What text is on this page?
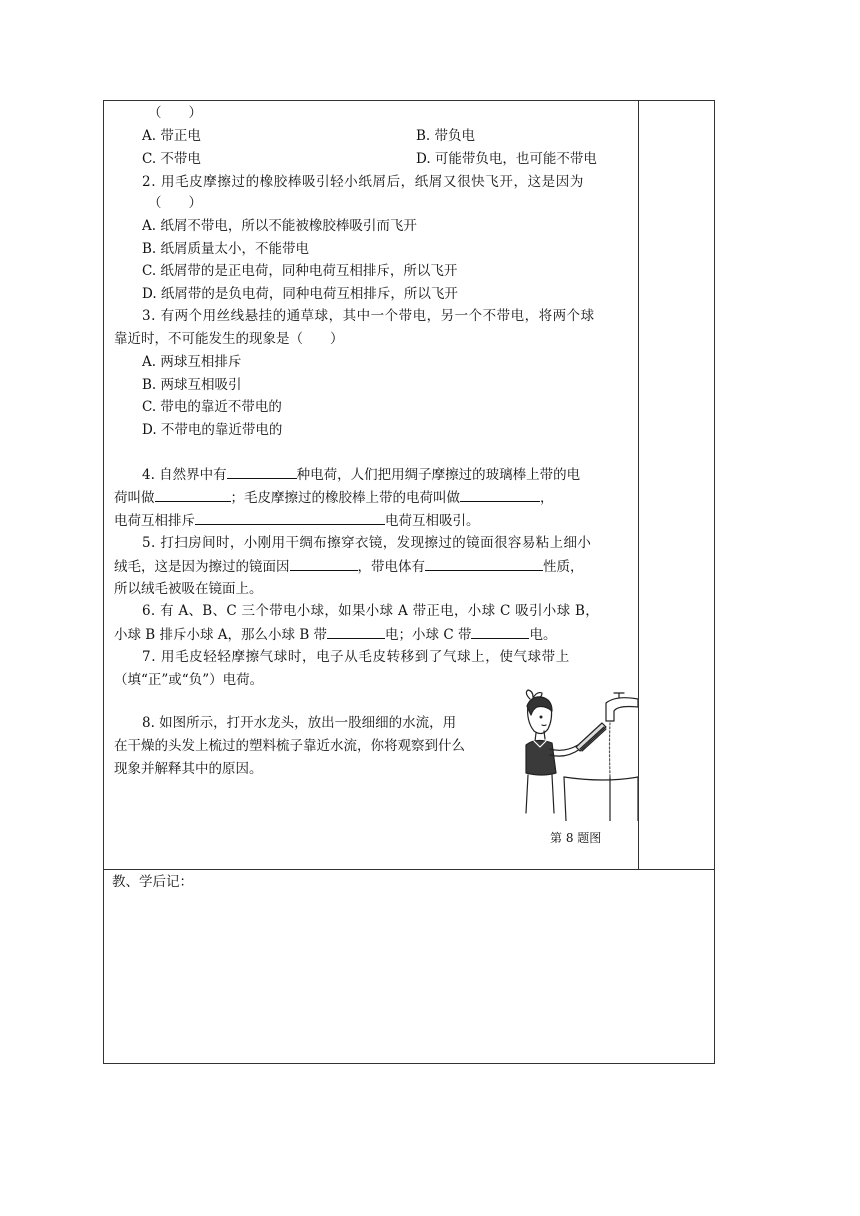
（　　）
A. 带正电	B. 带负电
C. 不带电	D. 可能带负电，也可能不带电
2. 用毛皮摩擦过的橡胶棒吸引轻小纸屑后，纸屑又很快飞开，这是因为
（　　）
A. 纸屑不带电，所以不能被橡胶棒吸引而飞开
B. 纸屑质量太小，不能带电
C. 纸屑带的是正电荷，同种电荷互相排斥，所以飞开
D. 纸屑带的是负电荷，同种电荷互相排斥，所以飞开
3. 有两个用丝线悬挂的通草球，其中一个带电，另一个不带电，将两个球
靠近时，不可能发生的现象是（　　）
A. 两球互相排斥
B. 两球互相吸引
C. 带电的靠近不带电的
D. 不带电的靠近带电的
4. 自然界中有	种电荷，人们把用绸子摩擦过的玻璃棒上带的电
荷叫做	；毛皮摩擦过的橡胶棒上带的电荷叫做	，
电荷互相排斥	电荷互相吸引。
5. 打扫房间时，小刚用干绸布擦穿衣镜，发现擦过的镜面很容易粘上细小
绒毛，这是因为擦过的镜面因	，带电体有	性质，
所以绒毛被吸在镜面上。
6. 有 A、B、C 三个带电小球，如果小球 A 带正电，小球 C 吸引小球 B，
小球 B 排斥小球 A，那么小球 B 带	电；小球 C 带	电。
7. 用毛皮轻轻摩擦气球时，电子从毛皮转移到了气球上，使气球带上
（填“正”或“负”）电荷。
8. 如图所示，打开水龙头，放出一股细细的水流，用
在干燥的头发上梳过的塑料梳子靠近水流，你将观察到什么
现象并解释其中的原因。
第 8 题图
教、学后记：
